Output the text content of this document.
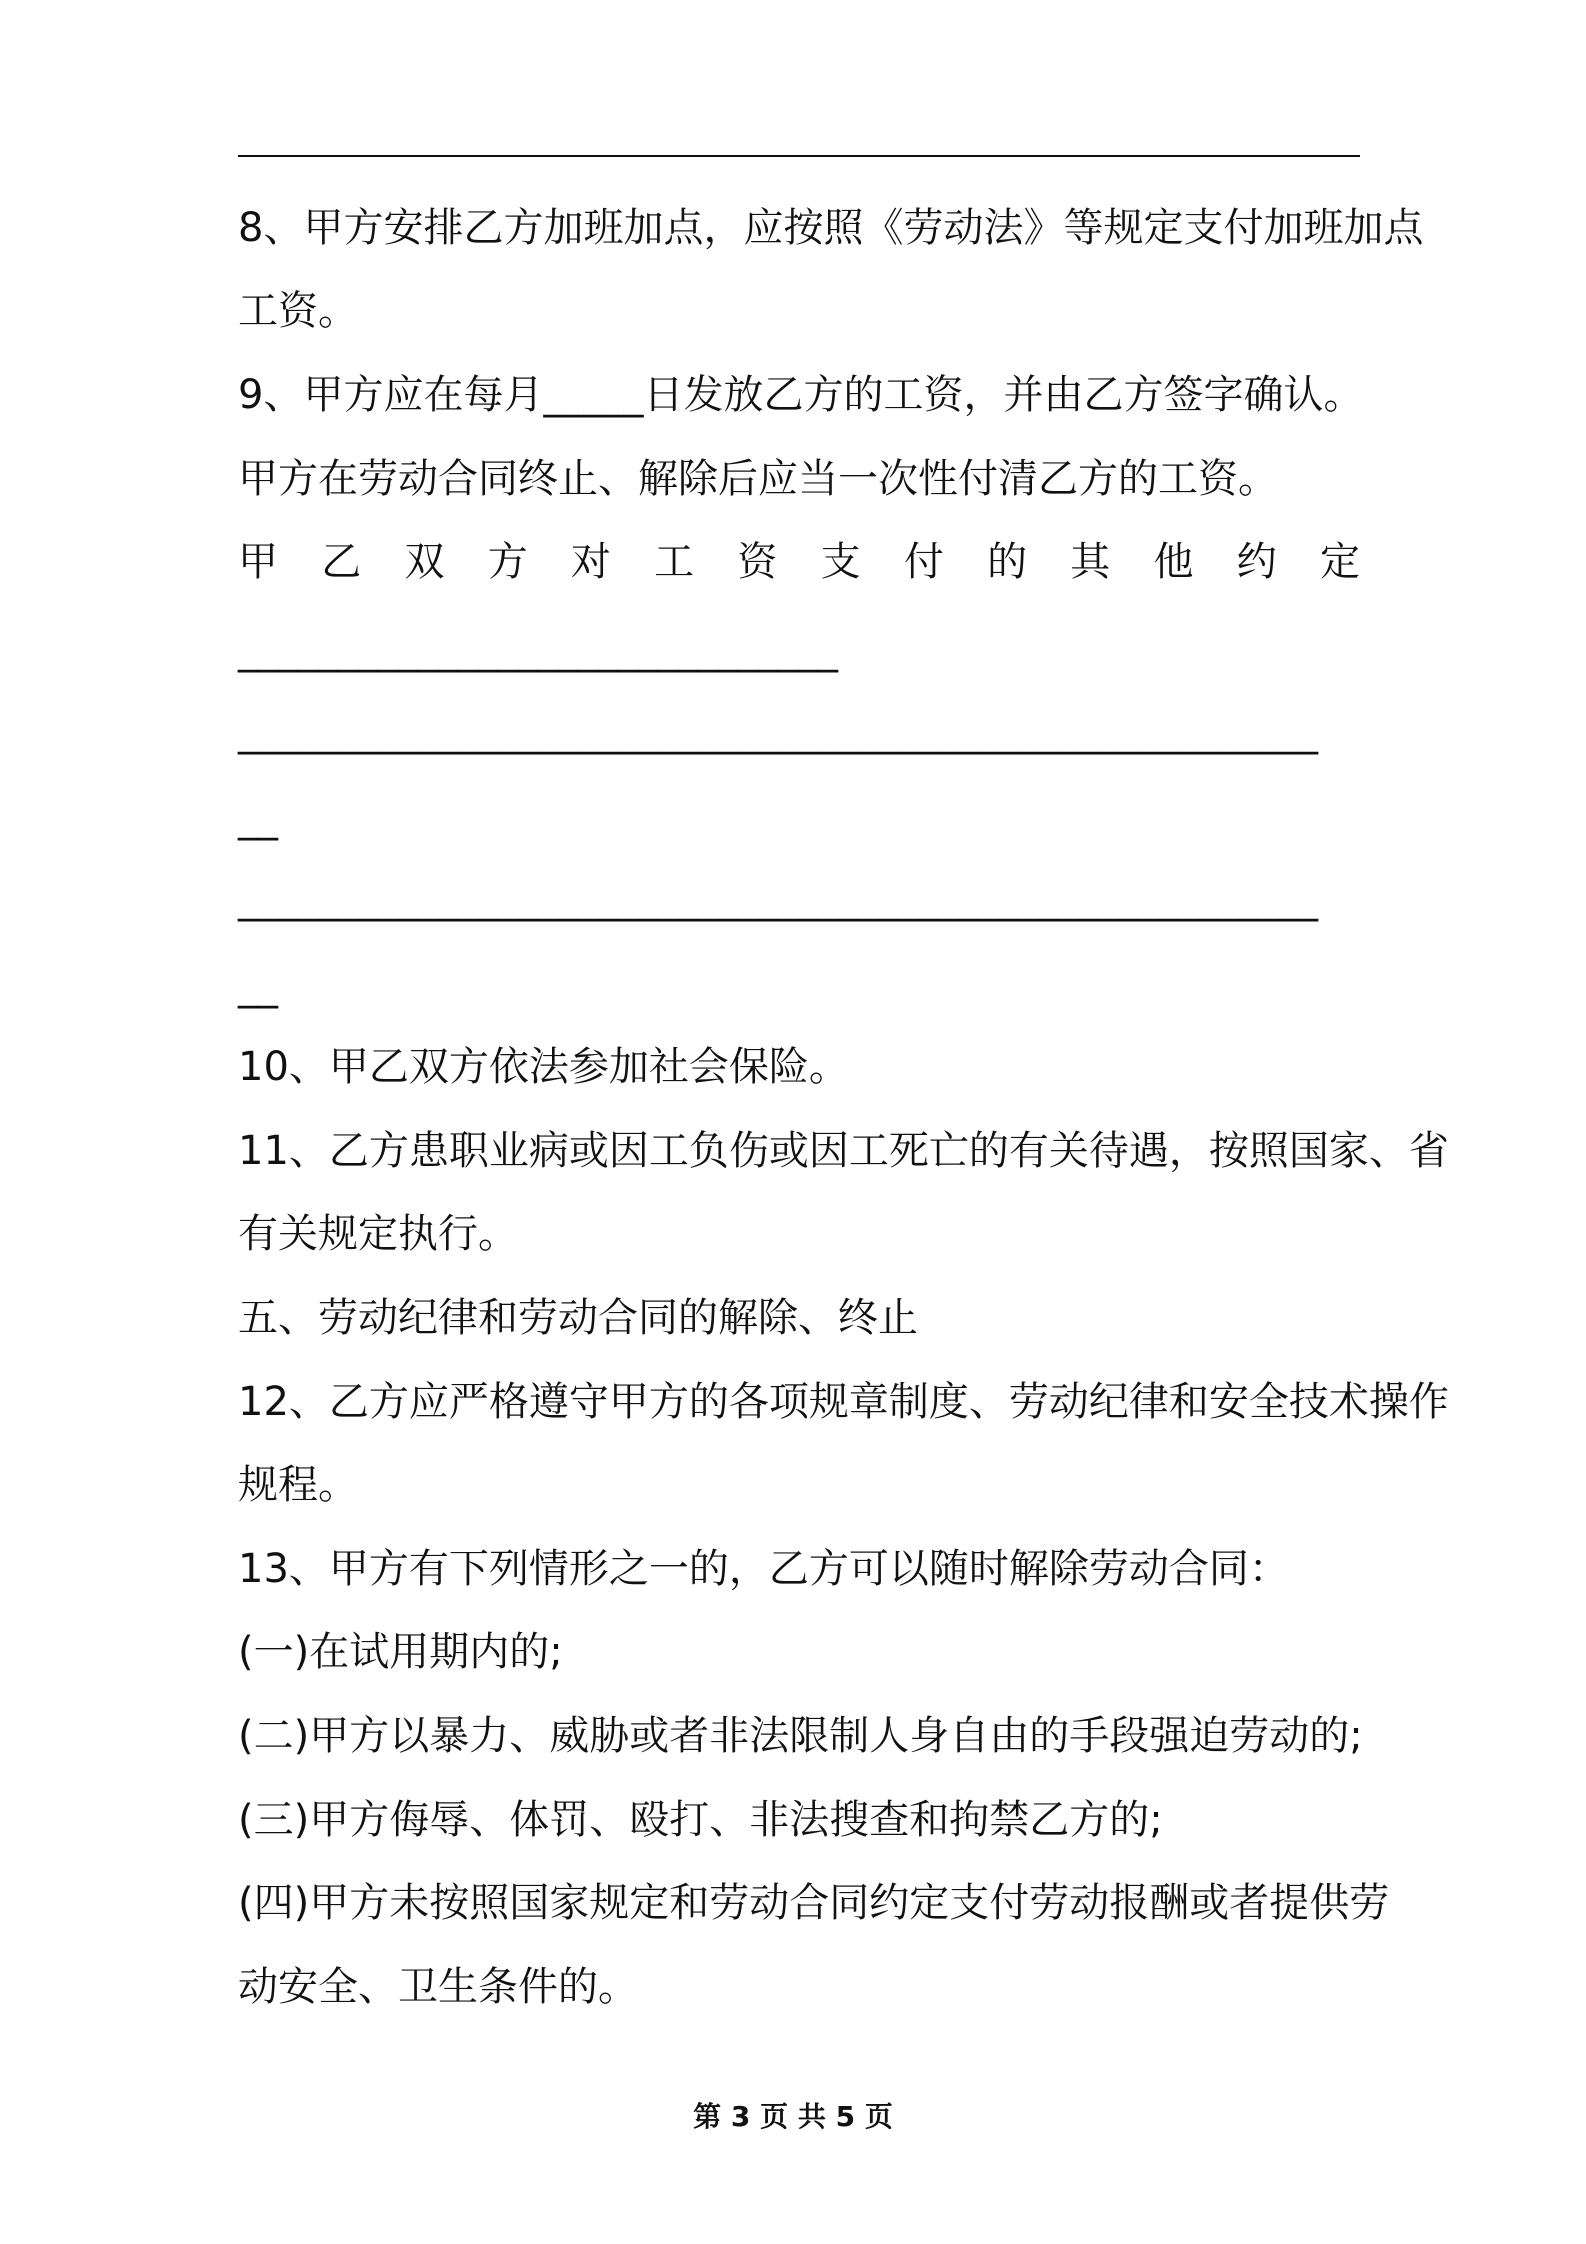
8、甲方安排乙方加班加点，应按照《劳动法》等规定支付加班加点
工资。
9、甲方应在每月_____日发放乙方的工资，并由乙方签字确认。
甲方在劳动合同终止、解除后应当一次性付清乙方的工资。
甲 乙 双 方 对 工 资 支 付 的 其 他 约 定
______________________________
______________________________________________________
__
______________________________________________________
__
10、甲乙双方依法参加社会保险。
11、乙方患职业病或因工负伤或因工死亡的有关待遇，按照国家、省
有关规定执行。
五、劳动纪律和劳动合同的解除、终止
12、乙方应严格遵守甲方的各项规章制度、劳动纪律和安全技术操作
规程。
13、甲方有下列情形之一的，乙方可以随时解除劳动合同：
(一)在试用期内的;
(二)甲方以暴力、威胁或者非法限制人身自由的手段强迫劳动的;
(三)甲方侮辱、体罚、殴打、非法搜查和拘禁乙方的;
(四)甲方未按照国家规定和劳动合同约定支付劳动报酬或者提供劳
动安全、卫生条件的。
第 3 页 共 5 页
